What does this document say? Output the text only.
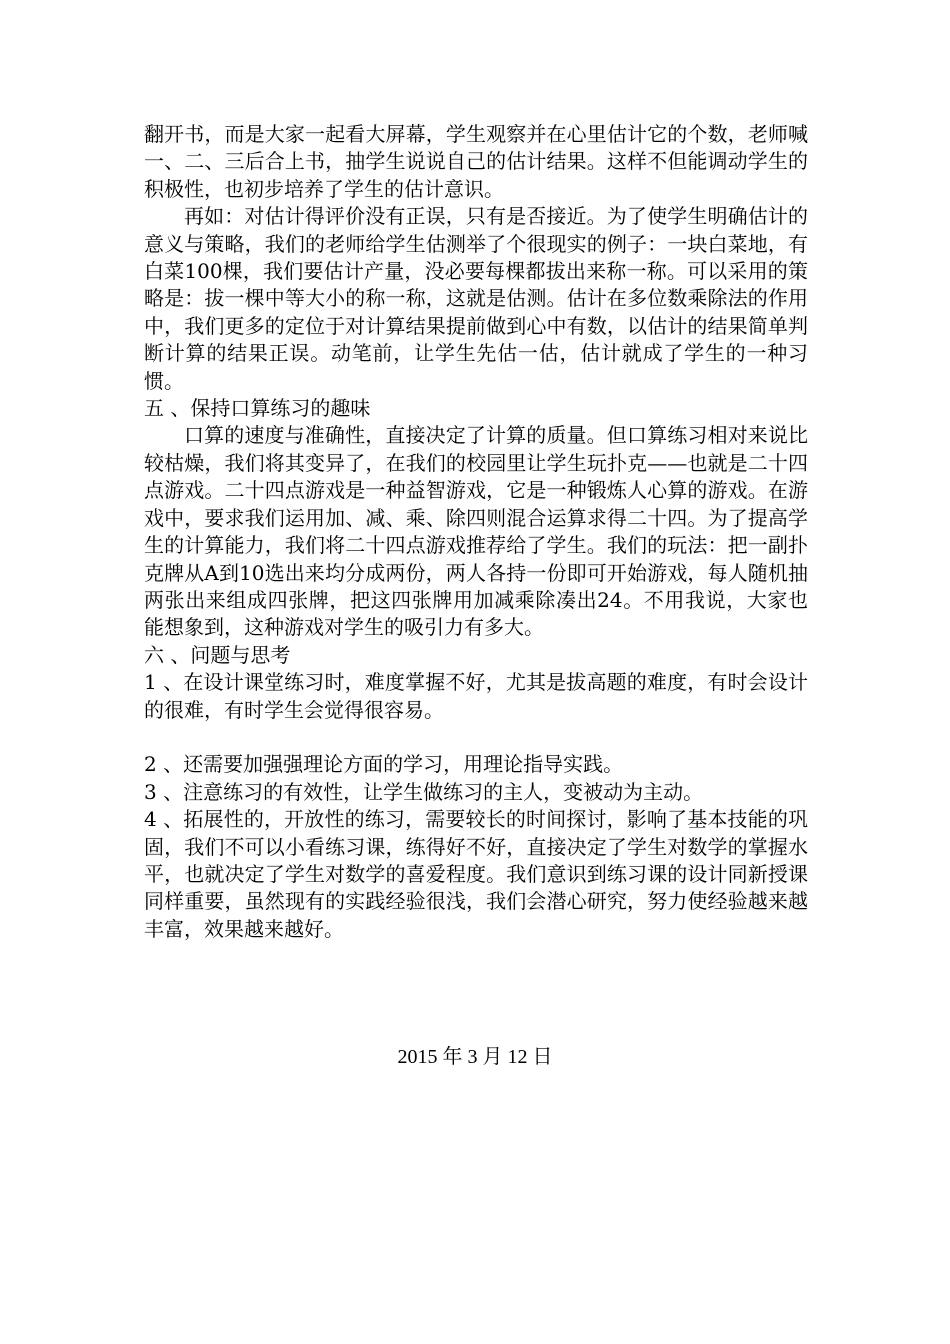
翻开书，而是大家一起看大屏幕，学生观察并在心里估计它的个数，老师喊一、二、三后合上书，抽学生说说自己的估计结果。这样不但能调动学生的积极性，也初步培养了学生的估计意识。

再如：对估计得评价没有正误，只有是否接近。为了使学生明确估计的意义与策略，我们的老师给学生估测举了个很现实的例子：一块白菜地，有白菜100棵，我们要估计产量，没必要每棵都拔出来称一称。可以采用的策略是：拔一棵中等大小的称一称，这就是估测。估计在多位数乘除法的作用中，我们更多的定位于对计算结果提前做到心中有数，以估计的结果简单判断计算的结果正误。动笔前，让学生先估一估，估计就成了学生的一种习惯。

五 、保持口算练习的趣味

口算的速度与准确性，直接决定了计算的质量。但口算练习相对来说比较枯燥，我们将其变异了，在我们的校园里让学生玩扑克——也就是二十四点游戏。二十四点游戏是一种益智游戏，它是一种锻炼人心算的游戏。在游戏中，要求我们运用加、减、乘、除四则混合运算求得二十四。为了提高学生的计算能力，我们将二十四点游戏推荐给了学生。我们的玩法：把一副扑克牌从A到10选出来均分成两份，两人各持一份即可开始游戏，每人随机抽两张出来组成四张牌，把这四张牌用加减乘除凑出24。不用我说，大家也能想象到，这种游戏对学生的吸引力有多大。

六 、问题与思考

1 、在设计课堂练习时，难度掌握不好，尤其是拔高题的难度，有时会设计的很难，有时学生会觉得很容易。

2 、还需要加强强理论方面的学习，用理论指导实践。

3 、注意练习的有效性，让学生做练习的主人，变被动为主动。

4 、拓展性的，开放性的练习，需要较长的时间探讨，影响了基本技能的巩固，我们不可以小看练习课，练得好不好，直接决定了学生对数学的掌握水平，也就决定了学生对数学的喜爱程度。我们意识到练习课的设计同新授课同样重要，虽然现有的实践经验很浅，我们会潜心研究，努力使经验越来越丰富，效果越来越好。

2015 年 3 月 12 日
